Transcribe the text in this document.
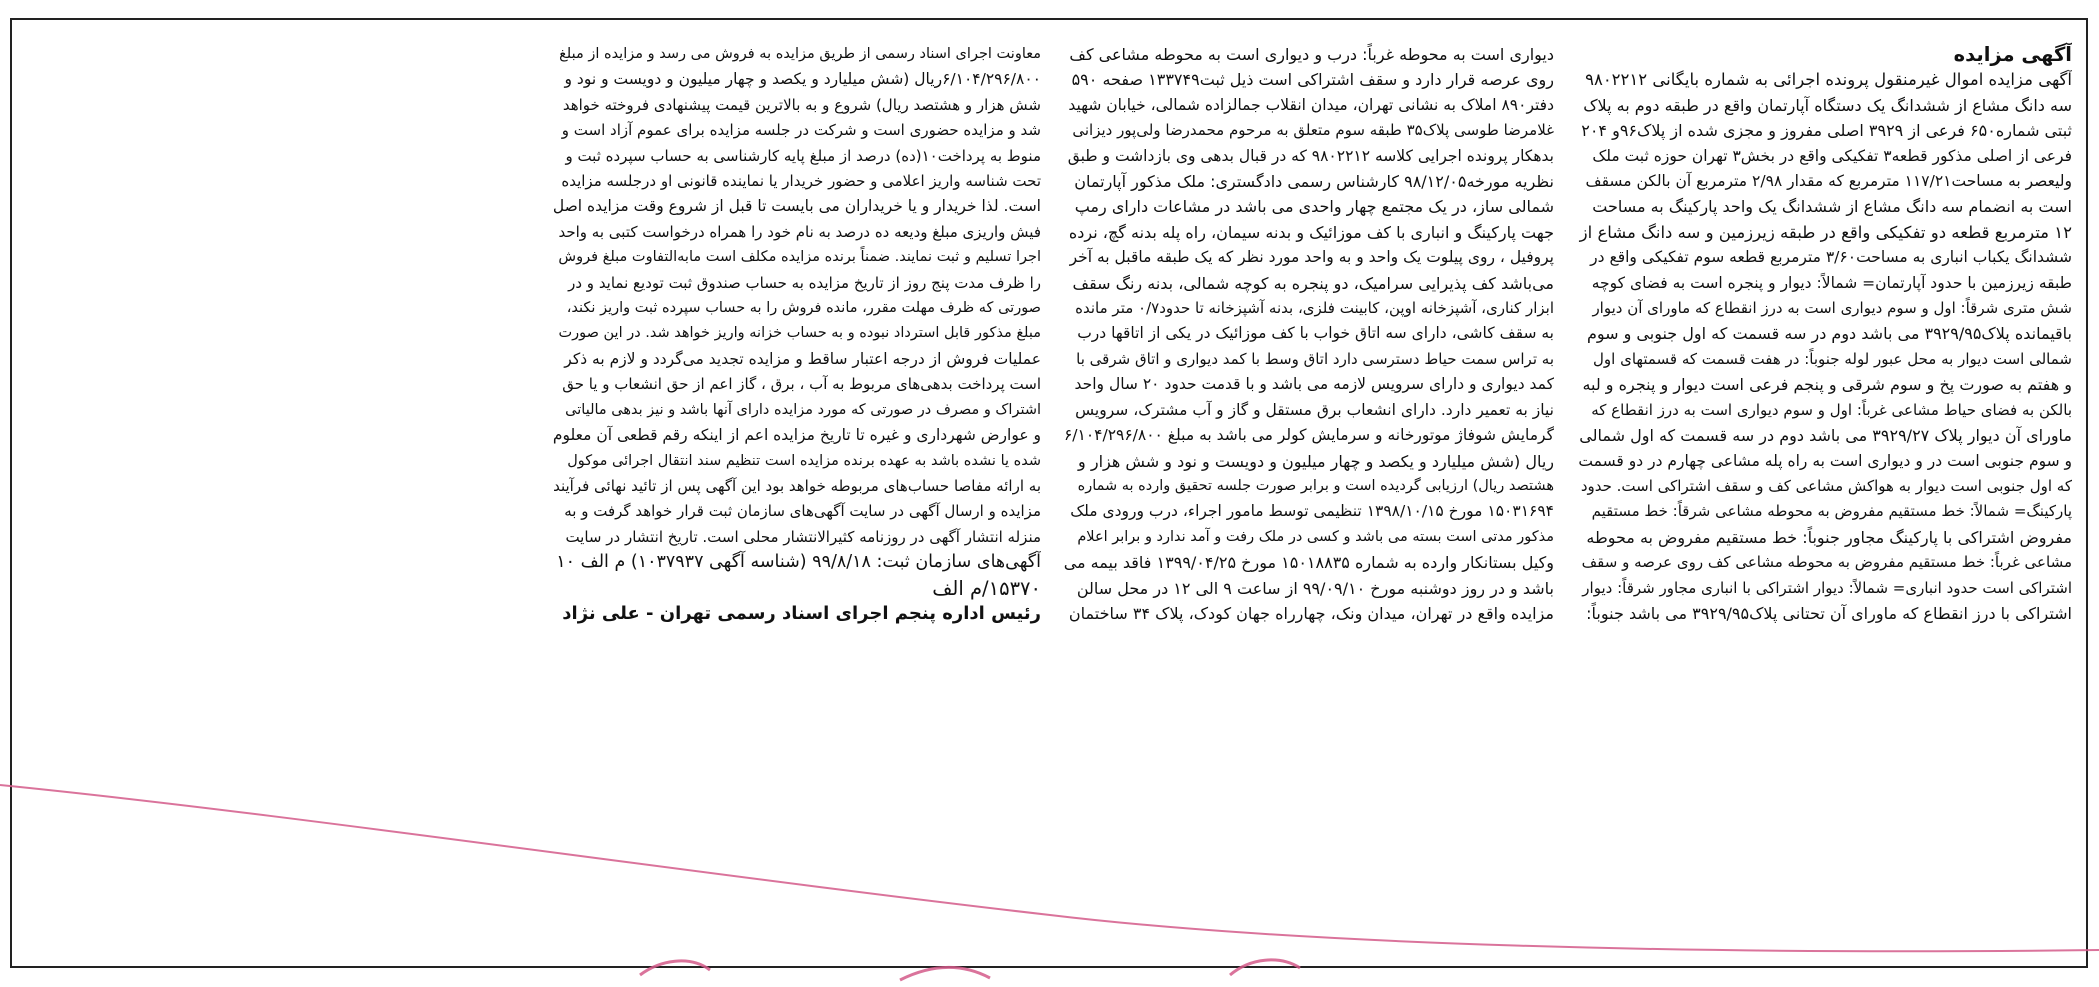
آگهی مزایده
آگهی مزایده اموال غیرمنقول پرونده اجرائی به شماره بایگانی ۹۸۰۲۲۱۲
سه دانگ مشاع از ششدانگ یک دستگاه آپارتمان واقع در طبقه دوم به پلاک
ثبتی شماره۶۵۰ فرعی از ۳۹۲۹ اصلی مفروز و مجزی شده از پلاک۹۶و ۲۰۴
فرعی از اصلی مذکور قطعه۳ تفکیکی واقع در بخش۳ تهران حوزه ثبت ملک
ولیعصر به مساحت۱۱۷/۲۱ مترمربع که مقدار ۲/۹۸ مترمربع آن بالکن مسقف
است به انضمام سه دانگ مشاع از ششدانگ یک واحد پارکینگ به مساحت
۱۲ مترمربع قطعه دو تفکیکی واقع در طبقه زیرزمین و سه دانگ مشاع از
ششدانگ یکباب انباری به مساحت۳/۶۰ مترمربع قطعه سوم تفکیکی واقع در
طبقه زیرزمین با حدود آپارتمان= شمالاً: دیوار و پنجره است به فضای کوچه
شش متری شرقاً: اول و سوم دیواری است به درز انقطاع که ماورای آن دیوار
باقیمانده پلاک۳۹۲۹/۹۵ می باشد دوم در سه قسمت که اول جنوبی و سوم
شمالی است دیوار به محل عبور لوله جنوباً: در هفت قسمت که قسمتهای اول
و هفتم به صورت پخ و سوم شرقی و پنجم فرعی است دیوار و پنجره و لبه
بالکن به فضای حیاط مشاعی غرباً: اول و سوم دیواری است به درز انقطاع که
ماورای آن دیوار پلاک ۳۹۲۹/۲۷ می باشد دوم در سه قسمت که اول شمالی
و سوم جنوبی است در و دیواری است به راه پله مشاعی چهارم در دو قسمت
که اول جنوبی است دیوار به هواکش مشاعی کف و سقف اشتراکی است. حدود
پارکینگ= شمالاً: خط مستقیم مفروض به محوطه مشاعی شرقاً: خط مستقیم
مفروض اشتراکی با پارکینگ مجاور جنوباً: خط مستقیم مفروض به محوطه
مشاعی غرباً: خط مستقیم مفروض به محوطه مشاعی کف روی عرصه و سقف
اشتراکی است حدود انباری= شمالاً: دیوار اشتراکی با انباری مجاور شرقاً: دیوار
اشتراکی با درز انقطاع که ماورای آن تحتانی پلاک۳۹۲۹/۹۵ می باشد جنوباً:
دیواری است به محوطه غرباً: درب و دیواری است به محوطه مشاعی کف
روی عرصه قرار دارد و سقف اشتراکی است ذیل ثبت۱۳۳۷۴۹ صفحه ۵۹۰
دفتر۸۹۰ املاک به نشانی تهران، میدان انقلاب جمالزاده شمالی، خیابان شهید
غلامرضا طوسی پلاک۳۵ طبقه سوم متعلق به مرحوم محمدرضا ولی‌پور دیزانی
بدهکار پرونده اجرایی کلاسه ۹۸۰۲۲۱۲ که در قبال بدهی وی بازداشت و طبق
نظریه مورخه۹۸/۱۲/۰۵ کارشناس رسمی دادگستری: ملک مذکور آپارتمان
شمالی ساز، در یک مجتمع چهار واحدی می باشد در مشاعات دارای رمپ
جهت پارکینگ و انباری با کف موزائیک و بدنه سیمان، راه پله بدنه گچ، نرده
پروفیل ، روی پیلوت یک واحد و به واحد مورد نظر که یک طبقه ماقبل به آخر
می‌باشد کف پذیرایی سرامیک، دو پنجره به کوچه شمالی، بدنه رنگ سقف
ابزار کناری، آشپزخانه اوپن، کابینت فلزی، بدنه آشپزخانه تا حدود۰/۷ متر مانده
به سقف کاشی، دارای سه اتاق خواب با کف موزائیک در یکی از اتاقها درب
به تراس سمت حیاط دسترسی دارد اتاق وسط با کمد دیواری و اتاق شرقی با
کمد دیواری و دارای سرویس لازمه می باشد و با قدمت حدود ۲۰ سال واحد
نیاز به تعمیر دارد. دارای انشعاب برق مستقل و گاز و آب مشترک، سرویس
گرمایش شوفاژ موتورخانه و سرمایش کولر می باشد به مبلغ ۶/۱۰۴/۲۹۶/۸۰۰
ریال (شش میلیارد و یکصد و چهار میلیون و دویست و نود و شش هزار و
هشتصد ریال) ارزیابی گردیده است و برابر صورت جلسه تحقیق وارده به شماره
۱۵۰۳۱۶۹۴ مورخ ۱۳۹۸/۱۰/۱۵ تنظیمی توسط مامور اجراء، درب ورودی ملک
مذکور مدتی است بسته می باشد و کسی در ملک رفت و آمد ندارد و برابر اعلام
وکیل بستانکار وارده به شماره ۱۵۰۱۸۸۳۵ مورخ ۱۳۹۹/۰۴/۲۵ فاقد بیمه می
باشد و در روز دوشنبه مورخ ۹۹/۰۹/۱۰ از ساعت ۹ الی ۱۲ در محل سالن
مزایده واقع در تهران، میدان ونک، چهارراه جهان کودک، پلاک ۳۴ ساختمان
معاونت اجرای اسناد رسمی از طریق مزایده به فروش می رسد و مزایده از مبلغ
۶/۱۰۴/۲۹۶/۸۰۰ریال (شش میلیارد و یکصد و چهار میلیون و دویست و نود و
شش هزار و هشتصد ریال) شروع و به بالاترین قیمت پیشنهادی فروخته خواهد
شد و مزایده حضوری است و شرکت در جلسه مزایده برای عموم آزاد است و
منوط به پرداخت۱۰(ده) درصد از مبلغ پایه کارشناسی به حساب سپرده ثبت و
تحت شناسه واریز اعلامی و حضور خریدار یا نماینده قانونی او درجلسه مزایده
است. لذا خریدار و یا خریداران می بایست تا قبل از شروع وقت مزایده اصل
فیش واریزی مبلغ ودیعه ده درصد به نام خود را همراه درخواست کتبی به واحد
اجرا تسلیم و ثبت نمایند. ضمناً برنده مزایده مکلف است مابه‌التفاوت مبلغ فروش
را ظرف مدت پنج روز از تاریخ مزایده به حساب صندوق ثبت تودیع نماید و در
صورتی که ظرف مهلت مقرر، مانده فروش را به حساب سپرده ثبت واریز نکند،
مبلغ مذکور قابل استرداد نبوده و به حساب خزانه واریز خواهد شد. در این صورت
عملیات فروش از درجه اعتبار ساقط و مزایده تجدید می‌گردد و لازم به ذکر
است پرداخت بدهی‌های مربوط به آب ، برق ، گاز اعم از حق انشعاب و یا حق
اشتراک و مصرف در صورتی که مورد مزایده دارای آنها باشد و نیز بدهی مالیاتی
و عوارض شهرداری و غیره تا تاریخ مزایده اعم از اینکه رقم قطعی آن معلوم
شده یا نشده باشد به عهده برنده مزایده است تنظیم سند انتقال اجرائی موکول
به ارائه مفاصا حساب‌های مربوطه خواهد بود این آگهی پس از تائید نهائی فرآیند
مزایده و ارسال آگهی در سایت آگهی‌های سازمان ثبت قرار خواهد گرفت و به
منزله انتشار آگهی در روزنامه کثیرالانتشار محلی است. تاریخ انتشار در سایت
آگهی‌های سازمان ثبت: ۹۹/۸/۱۸ (شناسه آگهی ۱۰۳۷۹۳۷) م الف ۱۰
۱۵۳۷۰/م الف
رئیس اداره پنجم اجرای اسناد رسمی تهران - علی نژاد
